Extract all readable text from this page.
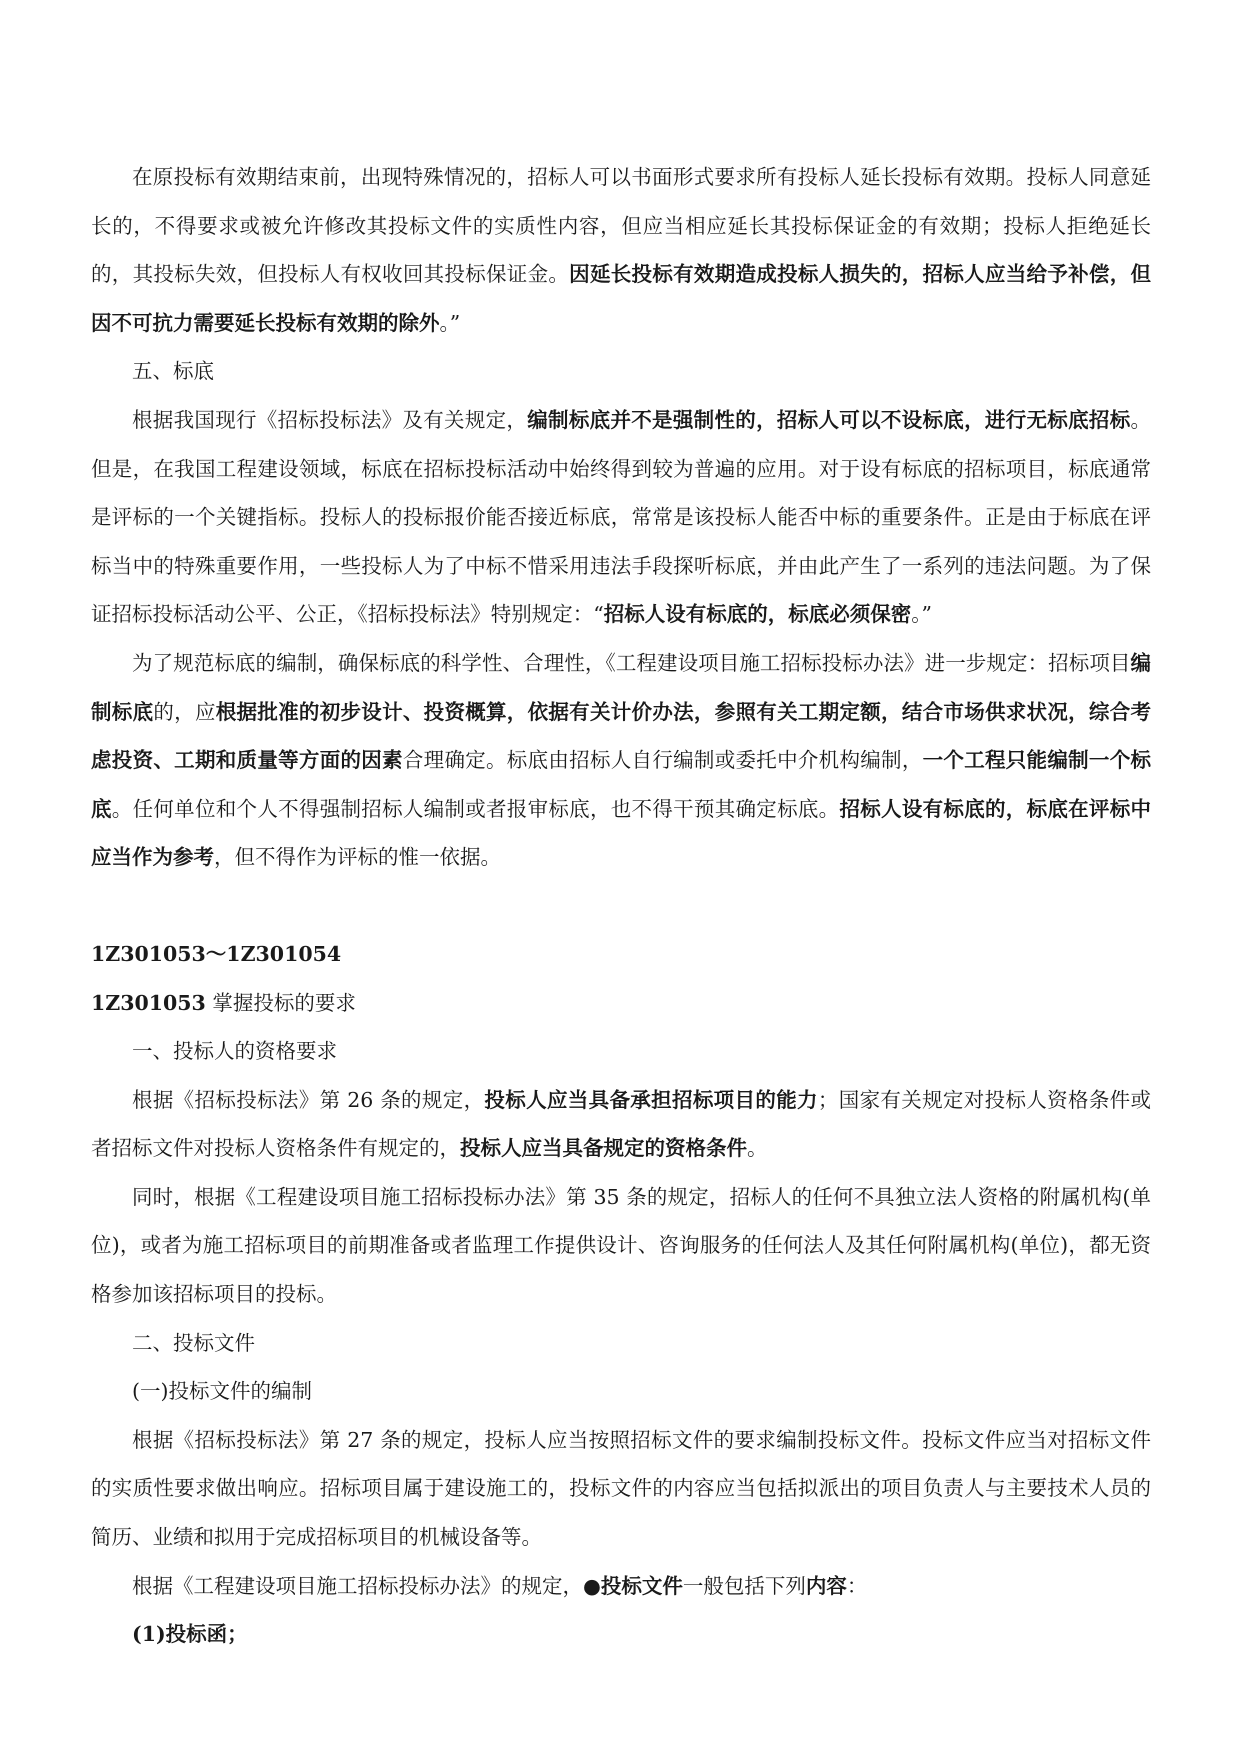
在原投标有效期结束前，出现特殊情况的，招标人可以书面形式要求所有投标人延长投标有效期。投标人同意延长的，不得要求或被允许修改其投标文件的实质性内容，但应当相应延长其投标保证金的有效期；投标人拒绝延长的，其投标失效，但投标人有权收回其投标保证金。因延长投标有效期造成投标人损失的，招标人应当给予补偿，但因不可抗力需要延长投标有效期的除外。”

五、标底

根据我国现行《招标投标法》及有关规定，编制标底并不是强制性的，招标人可以不设标底，进行无标底招标。但是，在我国工程建设领域，标底在招标投标活动中始终得到较为普遍的应用。对于设有标底的招标项目，标底通常是评标的一个关键指标。投标人的投标报价能否接近标底，常常是该投标人能否中标的重要条件。正是由于标底在评标当中的特殊重要作用，一些投标人为了中标不惜采用违法手段探听标底，并由此产生了一系列的违法问题。为了保证招标投标活动公平、公正，《招标投标法》特别规定：“招标人设有标底的，标底必须保密。”

为了规范标底的编制，确保标底的科学性、合理性，《工程建设项目施工招标投标办法》进一步规定：招标项目编制标底的，应根据批准的初步设计、投资概算，依据有关计价办法，参照有关工期定额，结合市场供求状况，综合考虑投资、工期和质量等方面的因素合理确定。标底由招标人自行编制或委托中介机构编制，一个工程只能编制一个标底。任何单位和个人不得强制招标人编制或者报审标底，也不得干预其确定标底。招标人设有标底的，标底在评标中应当作为参考，但不得作为评标的惟一依据。

1Z301053～1Z301054

1Z301053 掌握投标的要求

一、投标人的资格要求

根据《招标投标法》第 26 条的规定，投标人应当具备承担招标项目的能力；国家有关规定对投标人资格条件或者招标文件对投标人资格条件有规定的，投标人应当具备规定的资格条件。

同时，根据《工程建设项目施工招标投标办法》第 35 条的规定，招标人的任何不具独立法人资格的附属机构(单位)，或者为施工招标项目的前期准备或者监理工作提供设计、咨询服务的任何法人及其任何附属机构(单位)，都无资格参加该招标项目的投标。

二、投标文件

(一)投标文件的编制

根据《招标投标法》第 27 条的规定，投标人应当按照招标文件的要求编制投标文件。投标文件应当对招标文件的实质性要求做出响应。招标项目属于建设施工的，投标文件的内容应当包括拟派出的项目负责人与主要技术人员的简历、业绩和拟用于完成招标项目的机械设备等。

根据《工程建设项目施工招标投标办法》的规定，●投标文件一般包括下列内容：

(1)投标函；
